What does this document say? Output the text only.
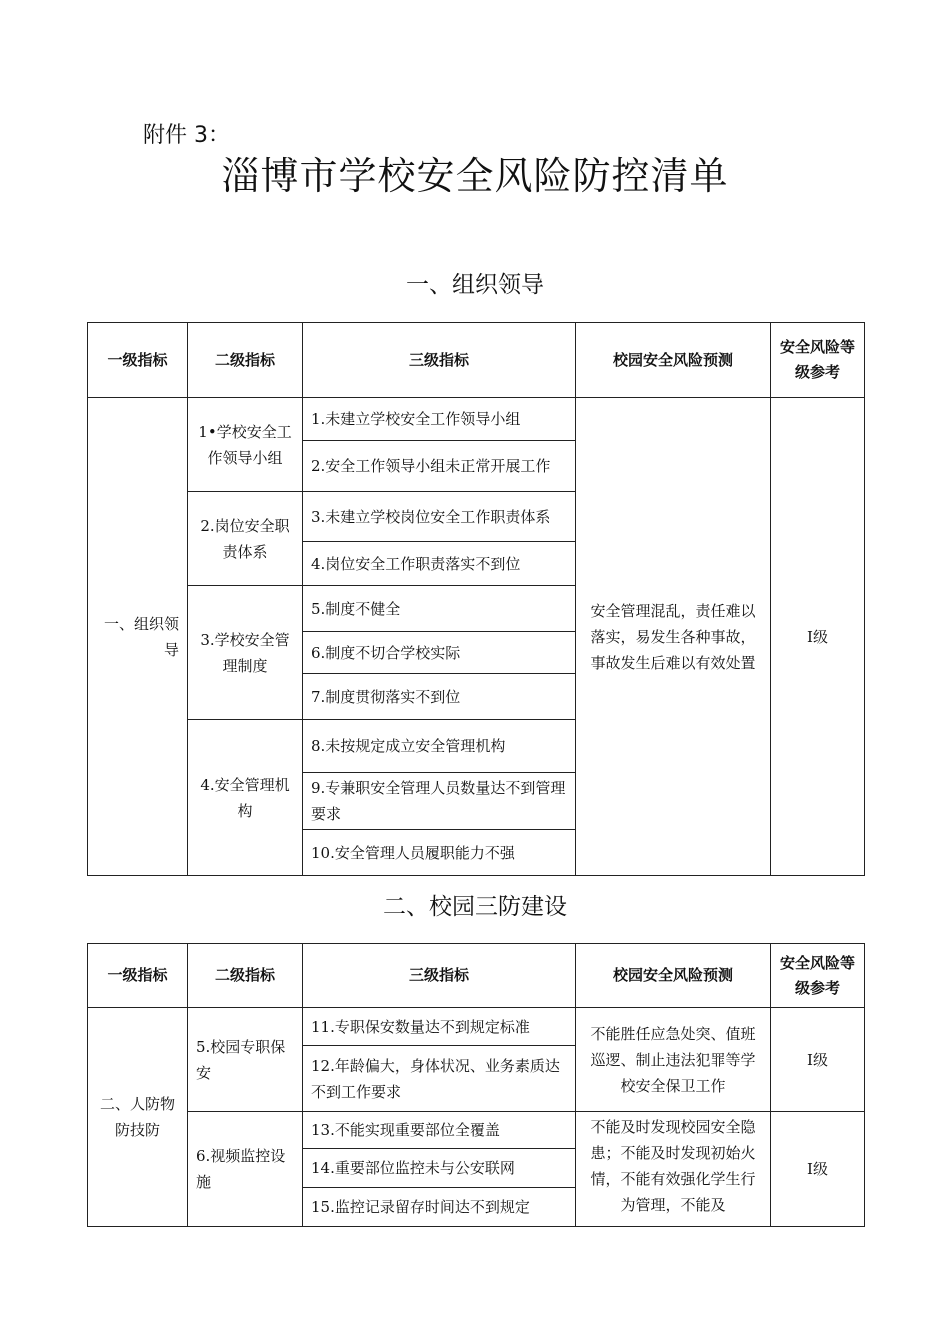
附件 3：
淄博市学校安全风险防控清单
一、组织领导
一级指标	二级指标	三级指标	校园安全风险预测	安全风险等级参考
一、组织领导	1•学校安全工作领导小组	1.未建立学校安全工作领导小组	安全管理混乱，责任难以落实，易发生各种事故，事故发生后难以有效处置	I级
		2.安全工作领导小组未正常开展工作		
	2.岗位安全职责体系	3.未建立学校岗位安全工作职责体系		
		4.岗位安全工作职责落实不到位		
	3.学校安全管理制度	5.制度不健全		
		6.制度不切合学校实际		
		7.制度贯彻落实不到位		
	4.安全管理机构	8.未按规定成立安全管理机构		
		9.专兼职安全管理人员数量达不到管理要求		
		10.安全管理人员履职能力不强		
二、校园三防建设
一级指标	二级指标	三级指标	校园安全风险预测	安全风险等级参考
二、人防物防技防	5.校园专职保安	11.专职保安数量达不到规定标准	不能胜任应急处突、值班巡逻、制止违法犯罪等学校安全保卫工作	I级
		12.年龄偏大，身体状况、业务素质达不到工作要求		
	6.视频监控设施	13.不能实现重要部位全覆盖	不能及时发现校园安全隐患；不能及时发现初始火情，不能有效强化学生行为管理，不能及	I级
		14.重要部位监控未与公安联网		
		15.监控记录留存时间达不到规定		
